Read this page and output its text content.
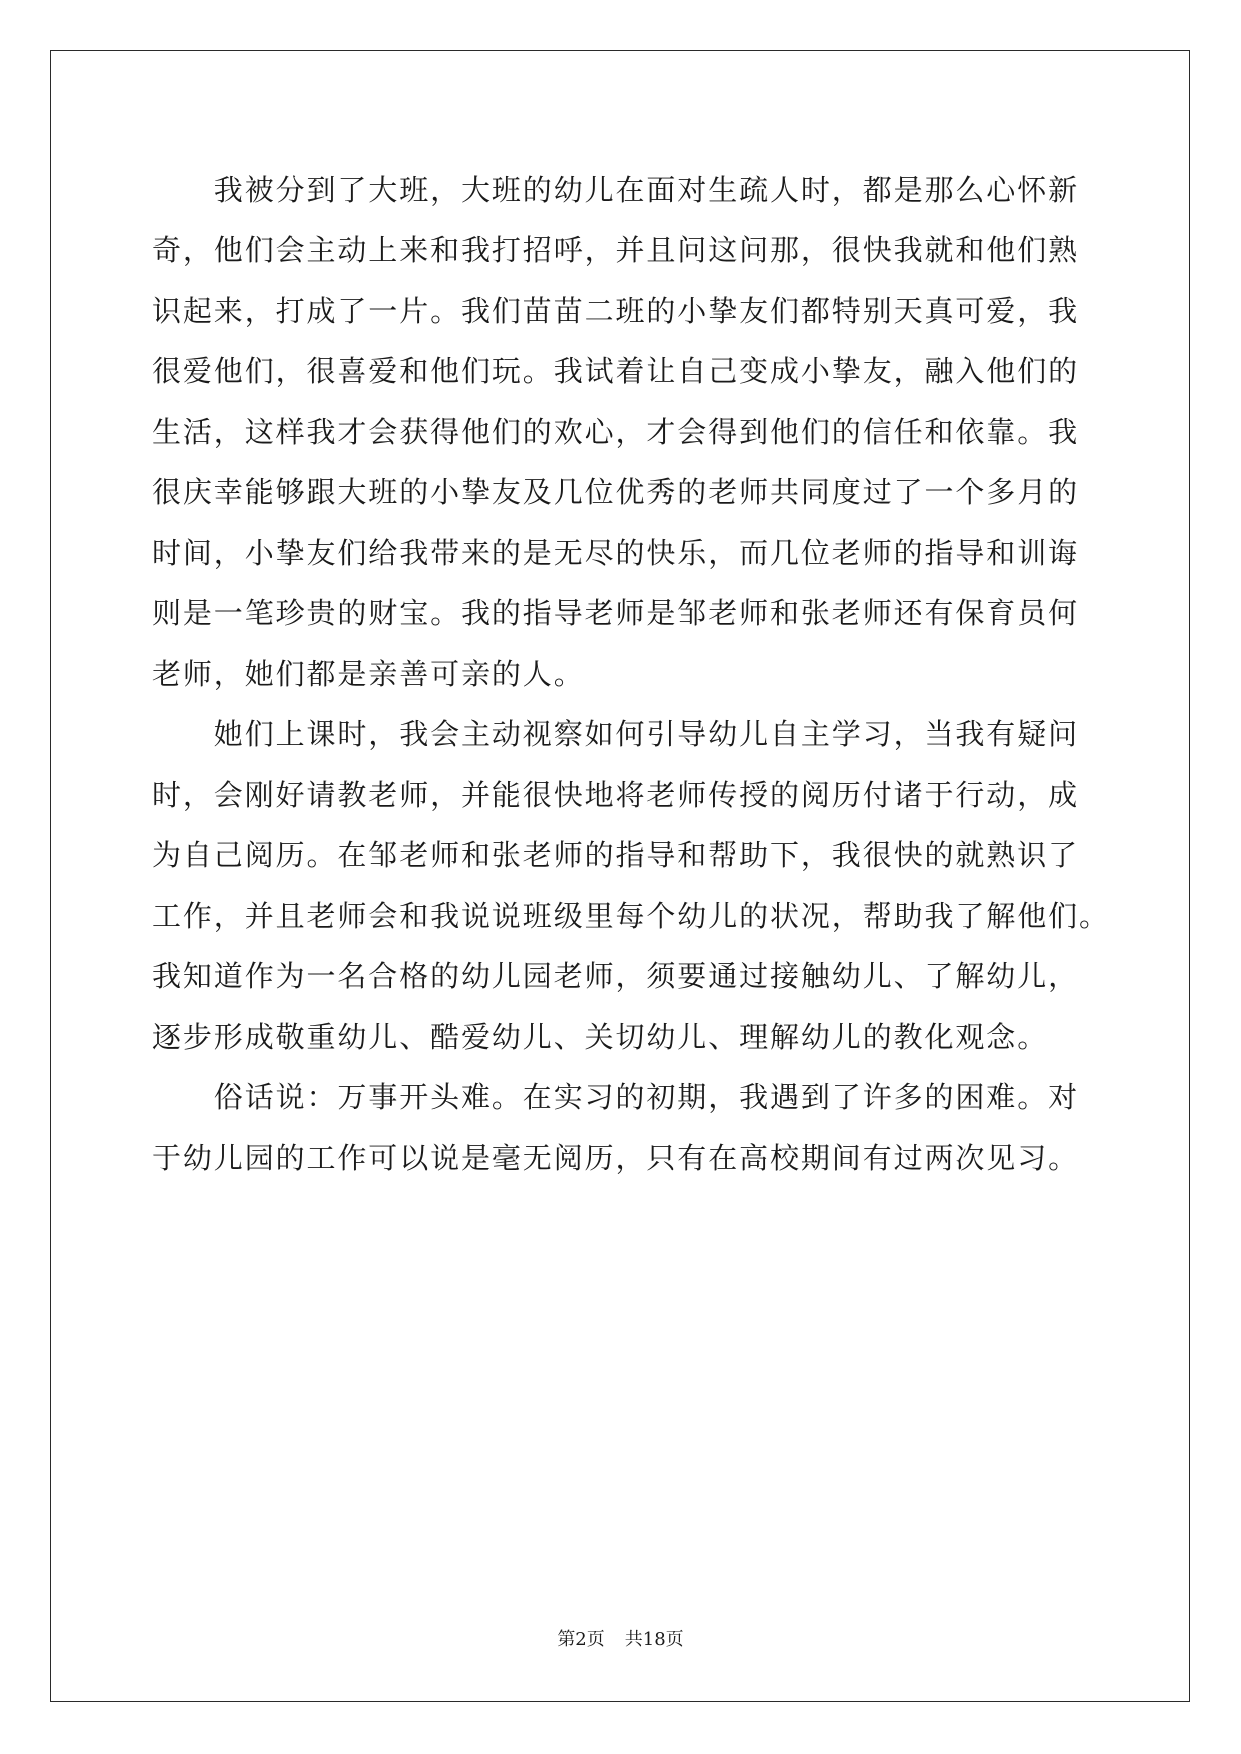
　　我被分到了大班，大班的幼儿在面对生疏人时，都是那么心怀新

奇，他们会主动上来和我打招呼，并且问这问那，很快我就和他们熟

识起来，打成了一片。我们苗苗二班的小挚友们都特别天真可爱，我

很爱他们，很喜爱和他们玩。我试着让自己变成小挚友，融入他们的

生活，这样我才会获得他们的欢心，才会得到他们的信任和依靠。我

很庆幸能够跟大班的小挚友及几位优秀的老师共同度过了一个多月的

时间，小挚友们给我带来的是无尽的快乐，而几位老师的指导和训诲

则是一笔珍贵的财宝。我的指导老师是邹老师和张老师还有保育员何

老师，她们都是亲善可亲的人。

　　她们上课时，我会主动视察如何引导幼儿自主学习，当我有疑问

时，会刚好请教老师，并能很快地将老师传授的阅历付诸于行动，成

为自己阅历。在邹老师和张老师的指导和帮助下，我很快的就熟识了

工作，并且老师会和我说说班级里每个幼儿的状况，帮助我了解他们。

我知道作为一名合格的幼儿园老师，须要通过接触幼儿、了解幼儿，

逐步形成敬重幼儿、酷爱幼儿、关切幼儿、理解幼儿的教化观念。

　　俗话说：万事开头难。在实习的初期，我遇到了许多的困难。对

于幼儿园的工作可以说是毫无阅历，只有在高校期间有过两次见习。

第2页 共18页
